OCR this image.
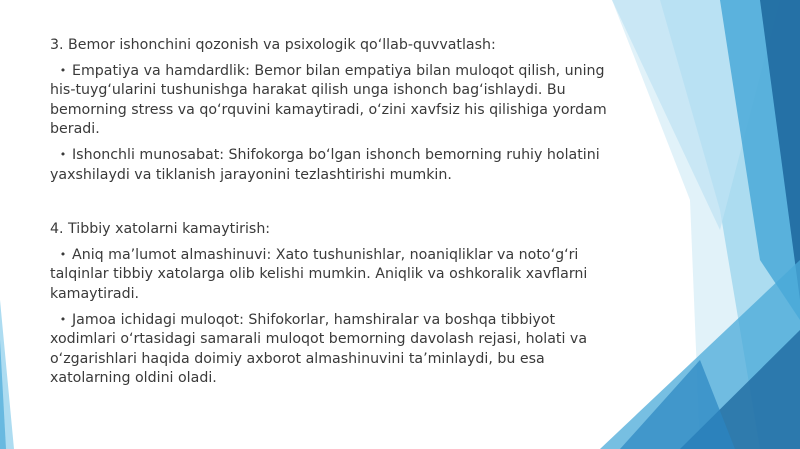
3. Bemor ishonchini qozonish va psixologik qo‘llab-quvvatlash:

• Empatiya va hamdardlik: Bemor bilan empatiya bilan muloqot qilish, uning
his-tuyg‘ularini tushunishga harakat qilish unga ishonch bag‘ishlaydi. Bu
bemorning stress va qo‘rquvini kamaytiradi, o‘zini xavfsiz his qilishiga yordam
beradi.
• Ishonchli munosabat: Shifokorga bo‘lgan ishonch bemorning ruhiy holatini
yaxshilaydi va tiklanish jarayonini tezlashtirishi mumkin.

4. Tibbiy xatolarni kamaytirish:

• Aniq ma’lumot almashinuvi: Xato tushunishlar, noaniqliklar va noto‘g‘ri
talqinlar tibbiy xatolarga olib kelishi mumkin. Aniqlik va oshkoralik xavflarni
kamaytiradi.
• Jamoa ichidagi muloqot: Shifokorlar, hamshiralar va boshqa tibbiyot
xodimlari o‘rtasidagi samarali muloqot bemorning davolash rejasi, holati va
o‘zgarishlari haqida doimiy axborot almashinuvini ta’minlaydi, bu esa
xatolarning oldini oladi.
